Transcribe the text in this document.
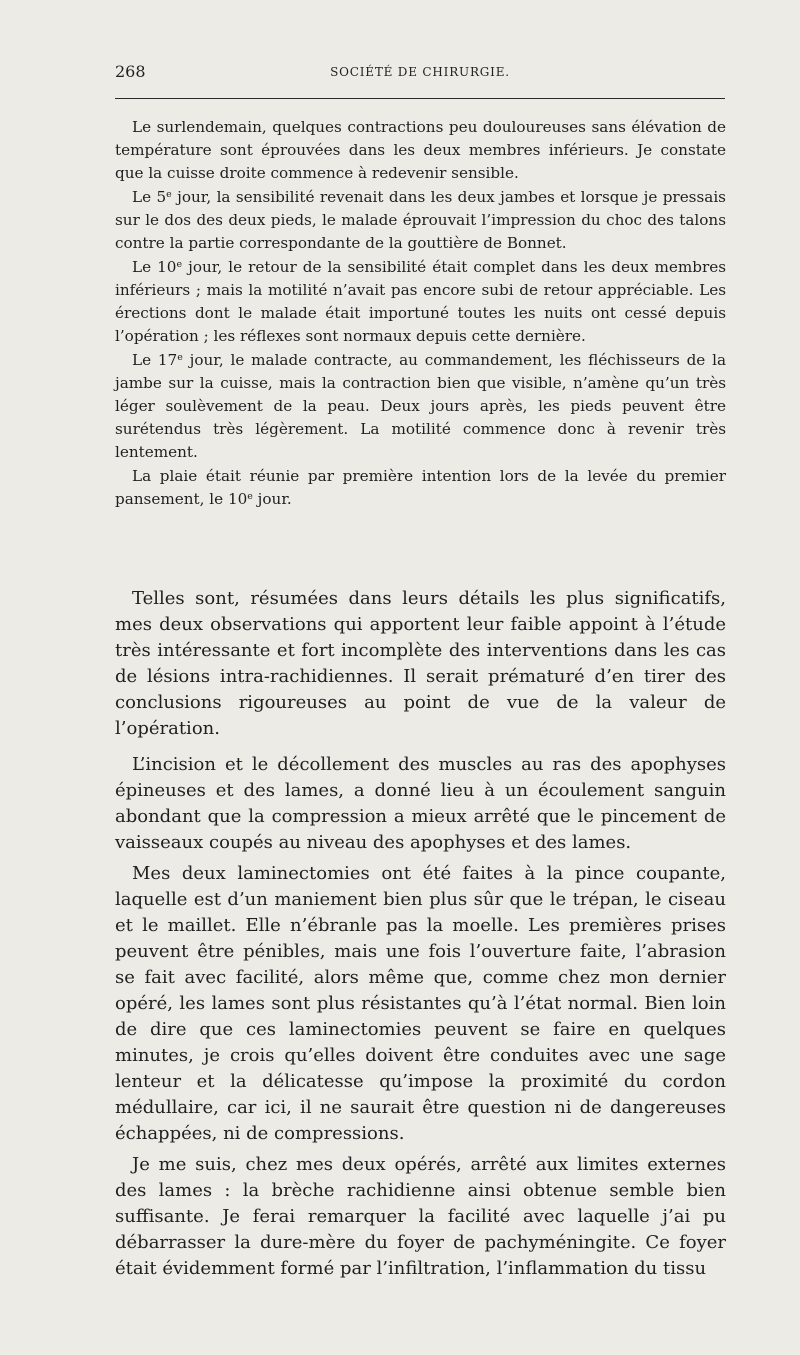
268	SOCIÉTÉ DE CHIRURGIE.

Le surlendemain, quelques contractions peu douloureuses sans élévation de température sont éprouvées dans les deux membres inférieurs. Je constate que la cuisse droite commence à redevenir sensible.

Le 5e jour, la sensibilité revenait dans les deux jambes et lorsque je pressais sur le dos des deux pieds, le malade éprouvait l’impression du choc des talons contre la partie correspondante de la gouttière de Bonnet.

Le 10e jour, le retour de la sensibilité était complet dans les deux membres inférieurs ; mais la motilité n’avait pas encore subi de retour appréciable. Les érections dont le malade était importuné toutes les nuits ont cessé depuis l’opération ; les réflexes sont normaux depuis cette dernière.

Le 17e jour, le malade contracte, au commandement, les fléchisseurs de la jambe sur la cuisse, mais la contraction bien que visible, n’amène qu’un très léger soulèvement de la peau. Deux jours après, les pieds peuvent être surétendus très légèrement. La motilité commence donc à revenir très lentement.

La plaie était réunie par première intention lors de la levée du premier pansement, le 10e jour.

Telles sont, résumées dans leurs détails les plus significatifs, mes deux observations qui apportent leur faible appoint à l’étude très intéressante et fort incomplète des interventions dans les cas de lésions intra-rachidiennes. Il serait prématuré d’en tirer des conclusions rigoureuses au point de vue de la valeur de l’opération.

L’incision et le décollement des muscles au ras des apophyses épineuses et des lames, a donné lieu à un écoulement sanguin abondant que la compression a mieux arrêté que le pincement de vaisseaux coupés au niveau des apophyses et des lames.

Mes deux laminectomies ont été faites à la pince coupante, laquelle est d’un maniement bien plus sûr que le trépan, le ciseau et le maillet. Elle n’ébranle pas la moelle. Les premières prises peuvent être pénibles, mais une fois l’ouverture faite, l’abrasion se fait avec facilité, alors même que, comme chez mon dernier opéré, les lames sont plus résistantes qu’à l’état normal. Bien loin de dire que ces laminectomies peuvent se faire en quelques minutes, je crois qu’elles doivent être conduites avec une sage lenteur et la délicatesse qu’impose la proximité du cordon médullaire, car ici, il ne saurait être question ni de dangereuses échappées, ni de compressions.

Je me suis, chez mes deux opérés, arrêté aux limites externes des lames : la brèche rachidienne ainsi obtenue semble bien suffisante. Je ferai remarquer la facilité avec laquelle j’ai pu débarrasser la dure-mère du foyer de pachyméningite. Ce foyer était évidemment formé par l’infiltration, l’inflammation du tissu
